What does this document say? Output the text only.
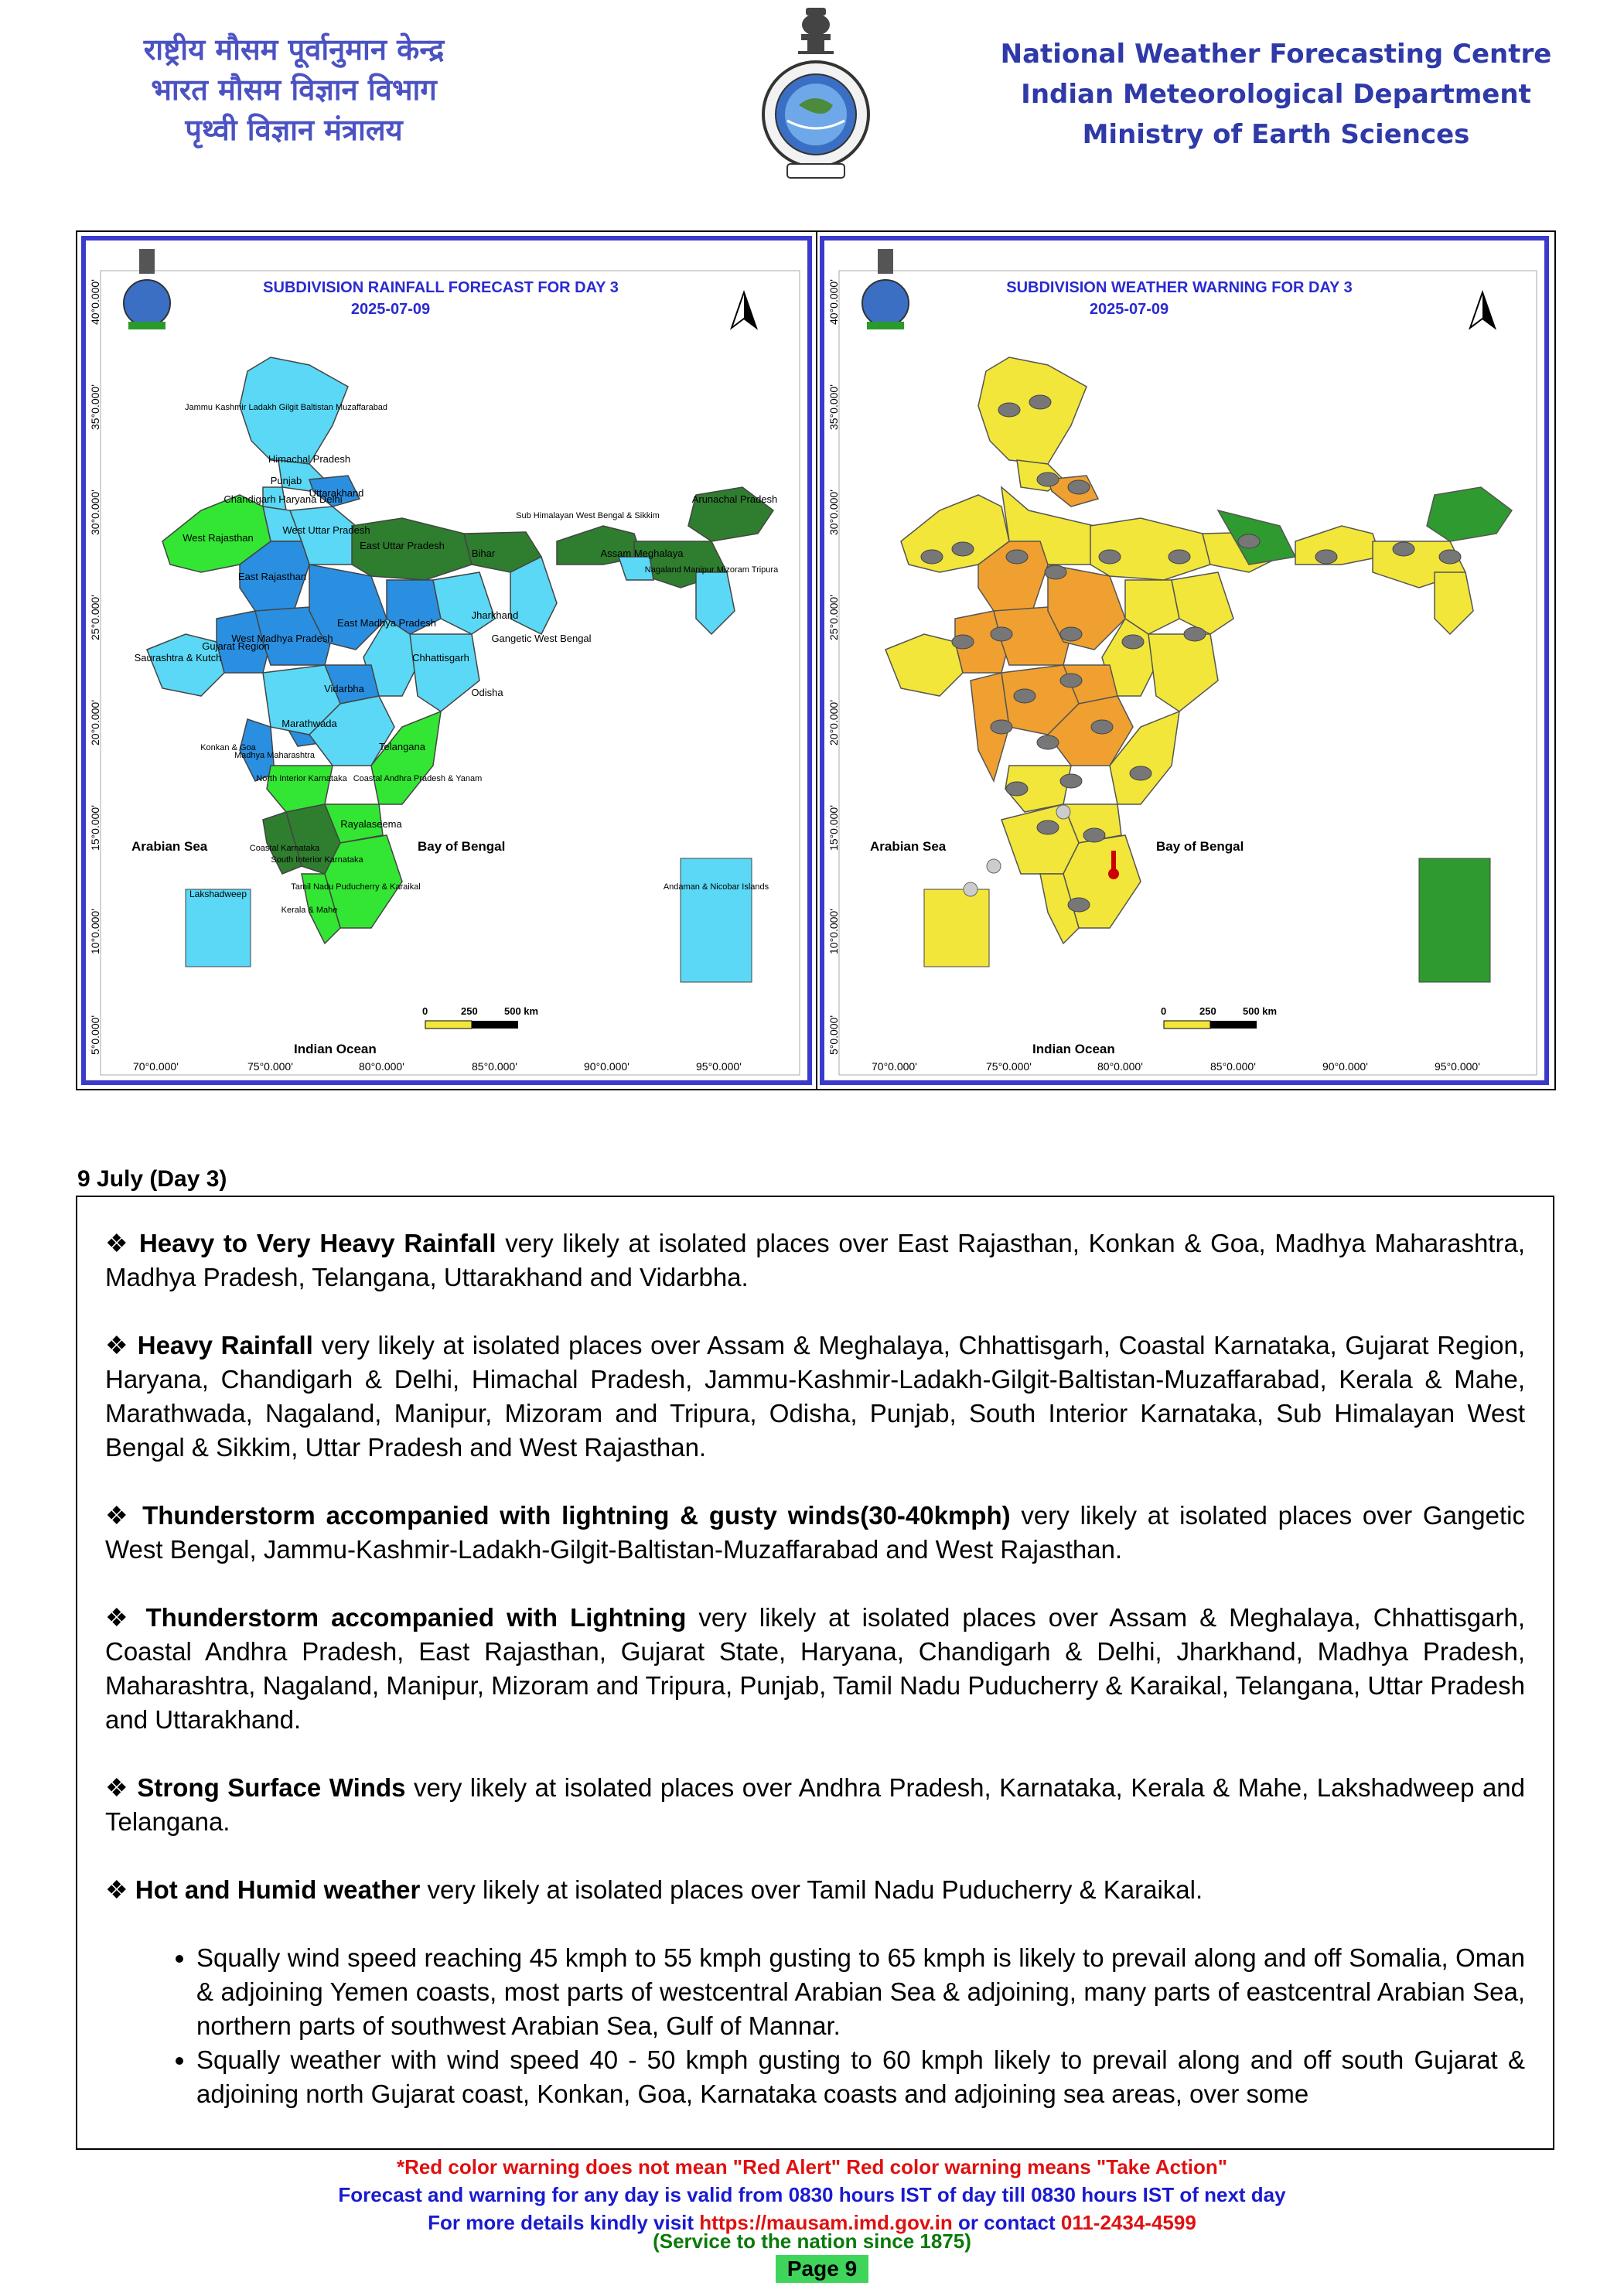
राष्ट्रीय मौसम पूर्वानुमान केन्द्र
भारत मौसम विज्ञान विभाग
पृथ्वी विज्ञान मंत्रालय
National Weather Forecasting Centre
Indian Meteorological Department
Ministry of Earth Sciences
SUBDIVISION RAINFALL FORECAST FOR DAY 3
2025-07-09
40°0.000'
35°0.000'
30°0.000'
25°0.000'
20°0.000'
15°0.000'
10°0.000'
5°0.000'
70°0.000'	75°0.000'	80°0.000'	85°0.000'	90°0.000'	95°0.000'
Jammu Kashmir Ladakh Gilgit Baltistan Muzaffarabad
Himachal Pradesh
Punjab
Uttarakhand
Chandigarh Haryana Delhi
West Uttar Pradesh
West Rajasthan
East Rajasthan
East Uttar Pradesh
Bihar
Sub Himalayan West Bengal & Sikkim
Arunachal Pradesh
Assam Meghalaya
Nagaland Manipur Mizoram Tripura
Saurashtra & Kutch
Gujarat Region
West Madhya Pradesh
East Madhya Pradesh
Jharkhand
Gangetic West Bengal
Chhattisgarh
Vidarbha	Odisha
Marathwada
Konkan & Goa
Madhya Maharashtra
Telangana
North Interior Karnataka Coastal Andhra Pradesh & Yanam
Rayalaseema
Coastal Karnataka
South Interior Karnataka
Tamil Nadu Puducherry & Karaikal
Kerala & Mahe
Lakshadweep
Andaman & Nicobar Islands
Arabian Sea	Bay of Bengal
Indian Ocean
0	250	500 km
SUBDIVISION WEATHER WARNING FOR DAY 3
2025-07-09
40°0.000'
35°0.000'
30°0.000'
25°0.000'
20°0.000'
15°0.000'
10°0.000'
5°0.000'
70°0.000'	75°0.000'	80°0.000'	85°0.000'	90°0.000'	95°0.000'
Arabian Sea	Bay of Bengal
Indian Ocean
0	250	500 km
9 July (Day 3)
❖ Heavy to Very Heavy Rainfall very likely at isolated places over East Rajasthan, Konkan & Goa, Madhya Maharashtra, Madhya Pradesh, Telangana, Uttarakhand and Vidarbha.
❖ Heavy Rainfall very likely at isolated places over Assam & Meghalaya, Chhattisgarh, Coastal Karnataka, Gujarat Region, Haryana, Chandigarh & Delhi, Himachal Pradesh, Jammu-Kashmir-Ladakh-Gilgit-Baltistan-Muzaffarabad, Kerala & Mahe, Marathwada, Nagaland, Manipur, Mizoram and Tripura, Odisha, Punjab, South Interior Karnataka, Sub Himalayan West Bengal & Sikkim, Uttar Pradesh and West Rajasthan.
❖ Thunderstorm accompanied with lightning & gusty winds(30-40kmph) very likely at isolated places over Gangetic West Bengal, Jammu-Kashmir-Ladakh-Gilgit-Baltistan-Muzaffarabad and West Rajasthan.
❖ Thunderstorm accompanied with Lightning very likely at isolated places over Assam & Meghalaya, Chhattisgarh, Coastal Andhra Pradesh, East Rajasthan, Gujarat State, Haryana, Chandigarh & Delhi, Jharkhand, Madhya Pradesh, Maharashtra, Nagaland, Manipur, Mizoram and Tripura, Punjab, Tamil Nadu Puducherry & Karaikal, Telangana, Uttar Pradesh and Uttarakhand.
❖ Strong Surface Winds very likely at isolated places over Andhra Pradesh, Karnataka, Kerala & Mahe, Lakshadweep and Telangana.
❖ Hot and Humid weather very likely at isolated places over Tamil Nadu Puducherry & Karaikal.
• Squally wind speed reaching 45 kmph to 55 kmph gusting to 65 kmph is likely to prevail along and off Somalia, Oman & adjoining Yemen coasts, most parts of westcentral Arabian Sea & adjoining, many parts of eastcentral Arabian Sea, northern parts of southwest Arabian Sea, Gulf of Mannar.
• Squally weather with wind speed 40 - 50 kmph gusting to 60 kmph likely to prevail along and off south Gujarat & adjoining north Gujarat coast, Konkan, Goa, Karnataka coasts and adjoining sea areas, over some
*Red color warning does not mean "Red Alert" Red color warning means "Take Action"
Forecast and warning for any day is valid from 0830 hours IST of day till 0830 hours IST of next day
For more details kindly visit https://mausam.imd.gov.in or contact 011-2434-4599
(Service to the nation since 1875)
Page 9
